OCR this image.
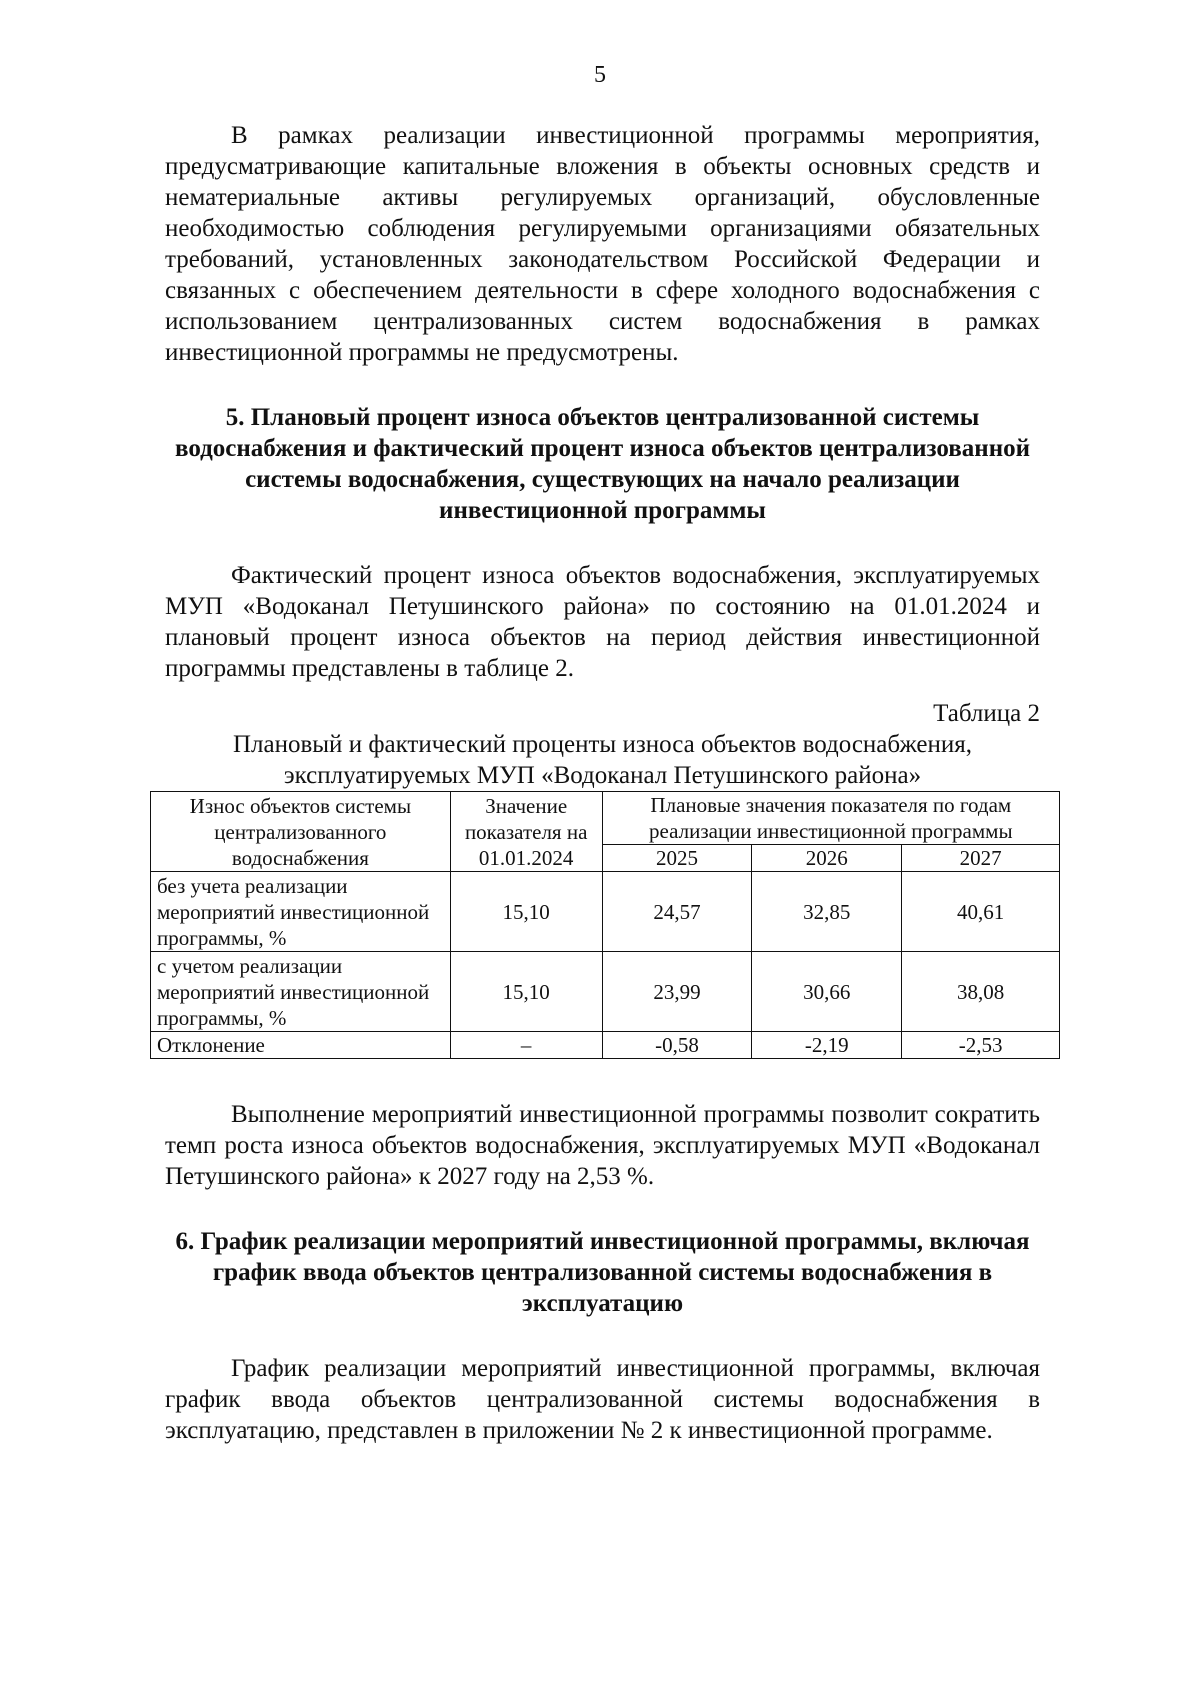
5

В рамках реализации инвестиционной программы мероприятия, предусматривающие капитальные вложения в объекты основных средств и нематериальные активы регулируемых организаций, обусловленные необходимостью соблюдения регулируемыми организациями обязательных требований, установленных законодательством Российской Федерации и связанных с обеспечением деятельности в сфере холодного водоснабжения с использованием централизованных систем водоснабжения в рамках инвестиционной программы не предусмотрены.

5. Плановый процент износа объектов централизованной системы водоснабжения и фактический процент износа объектов централизованной системы водоснабжения, существующих на начало реализации инвестиционной программы

Фактический процент износа объектов водоснабжения, эксплуатируемых МУП «Водоканал Петушинского района» по состоянию на 01.01.2024 и плановый процент износа объектов на период действия инвестиционной программы представлены в таблице 2.

Таблица 2

Плановый и фактический проценты износа объектов водоснабжения, эксплуатируемых МУП «Водоканал Петушинского района»

Износ объектов системы централизованного водоснабжения	Значение показателя на 01.01.2024	Плановые значения показателя по годам реализации инвестиционной программы		
		2025	2026	2027
без учета реализации мероприятий инвестиционной программы, %	15,10	24,57	32,85	40,61
с учетом реализации мероприятий инвестиционной программы, %	15,10	23,99	30,66	38,08
Отклонение	–	-0,58	-2,19	-2,53

Выполнение мероприятий инвестиционной программы позволит сократить темп роста износа объектов водоснабжения, эксплуатируемых МУП «Водоканал Петушинского района» к 2027 году на 2,53 %.

6. График реализации мероприятий инвестиционной программы, включая график ввода объектов централизованной системы водоснабжения в эксплуатацию

График реализации мероприятий инвестиционной программы, включая график ввода объектов централизованной системы водоснабжения в эксплуатацию, представлен в приложении № 2 к инвестиционной программе.
